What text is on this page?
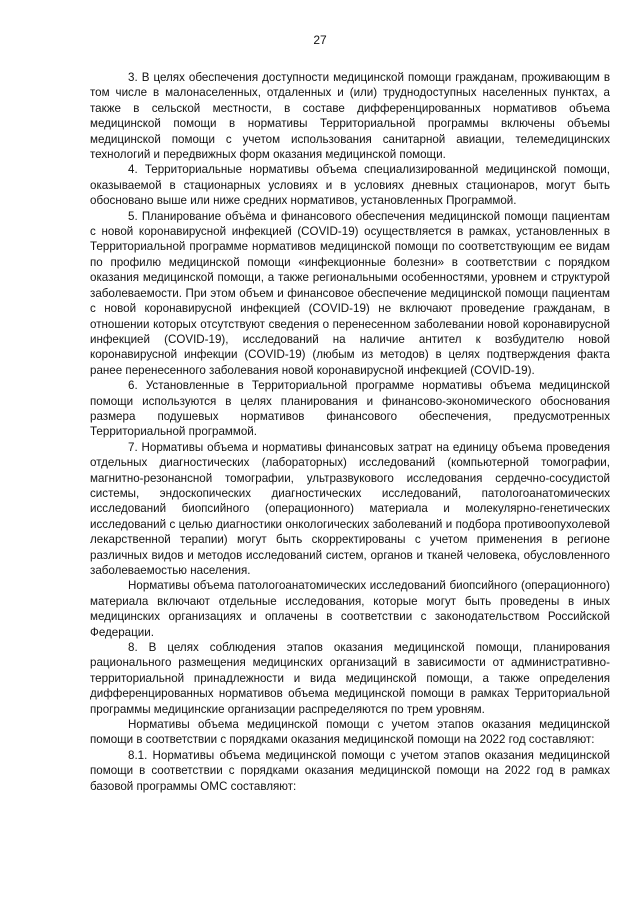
27

3. В целях обеспечения доступности медицинской помощи гражданам, проживающим в том числе в малонаселенных, отдаленных и (или) труднодоступных населенных пунктах, а также в сельской местности, в составе дифференцированных нормативов объема медицинской помощи в нормативы Территориальной программы включены объемы медицинской помощи с учетом использования санитарной авиации, телемедицинских технологий и передвижных форм оказания медицинской помощи.

4. Территориальные нормативы объема специализированной медицинской помощи, оказываемой в стационарных условиях и в условиях дневных стационаров, могут быть обосновано выше или ниже средних нормативов, установленных Программой.

5. Планирование объёма и финансового обеспечения медицинской помощи пациентам с новой коронавирусной инфекцией (COVID-19) осуществляется в рамках, установленных в Территориальной программе нормативов медицинской помощи по соответствующим ее видам по профилю медицинской помощи «инфекционные болезни» в соответствии с порядком оказания медицинской помощи, а также региональными особенностями, уровнем и структурой заболеваемости. При этом объем и финансовое обеспечение медицинской помощи пациентам с новой коронавирусной инфекцией (COVID-19) не включают проведение гражданам, в отношении которых отсутствуют сведения о перенесенном заболевании новой коронавирусной инфекцией (COVID-19), исследований на наличие антител к возбудителю новой коронавирусной инфекции (COVID-19) (любым из методов) в целях подтверждения факта ранее перенесенного заболевания новой коронавирусной инфекцией (COVID-19).

6. Установленные в Территориальной программе нормативы объема медицинской помощи используются в целях планирования и финансово-экономического обоснования размера подушевых нормативов финансового обеспечения, предусмотренных Территориальной программой.

7. Нормативы объема и нормативы финансовых затрат на единицу объема проведения отдельных диагностических (лабораторных) исследований (компьютерной томографии, магнитно-резонансной томографии, ультразвукового исследования сердечно-сосудистой системы, эндоскопических диагностических исследований, патологоанатомических исследований биопсийного (операционного) материала и молекулярно-генетических исследований с целью диагностики онкологических заболеваний и подбора противоопухолевой лекарственной терапии) могут быть скорректированы с учетом применения в регионе различных видов и методов исследований систем, органов и тканей человека, обусловленного заболеваемостью населения.

Нормативы объема патологоанатомических исследований биопсийного (операционного) материала включают отдельные исследования, которые могут быть проведены в иных медицинских организациях и оплачены в соответствии с законодательством Российской Федерации.

8. В целях соблюдения этапов оказания медицинской помощи, планирования рационального размещения медицинских организаций в зависимости от административно-территориальной принадлежности и вида медицинской помощи, а также определения дифференцированных нормативов объема медицинской помощи в рамках Территориальной программы медицинские организации распределяются по трем уровням.

Нормативы объема медицинской помощи с учетом этапов оказания медицинской помощи в соответствии с порядками оказания медицинской помощи на 2022 год составляют:

8.1. Нормативы объема медицинской помощи с учетом этапов оказания медицинской помощи в соответствии с порядками оказания медицинской помощи на 2022 год в рамках базовой программы ОМС составляют:
